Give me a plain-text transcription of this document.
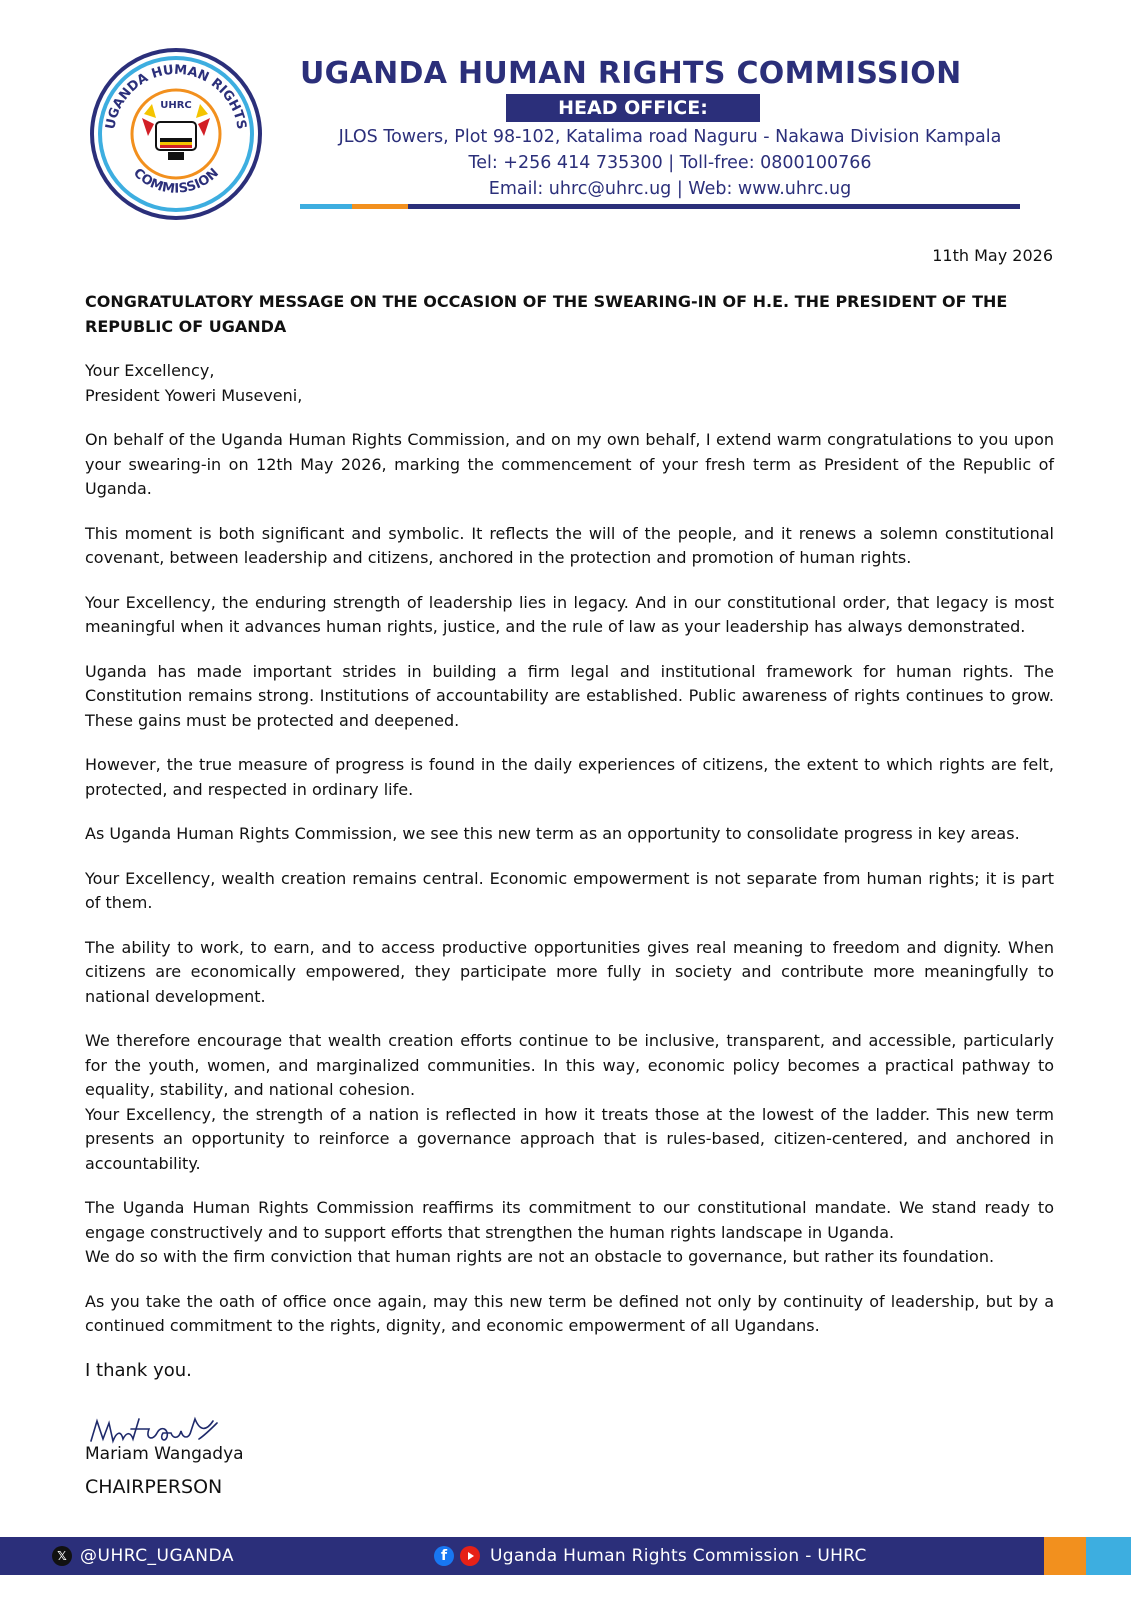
UGANDA HUMAN RIGHTS
COMMISSION
UHRC
UGANDA HUMAN RIGHTS COMMISSION
HEAD OFFICE:
JLOS Towers, Plot 98-102, Katalima road Naguru - Nakawa Division Kampala
Tel: +256 414 735300 | Toll-free: 0800100766
Email: uhrc@uhrc.ug | Web: www.uhrc.ug
11th May 2026
CONGRATULATORY MESSAGE ON THE OCCASION OF THE SWEARING-IN OF H.E. THE PRESIDENT OF THE REPUBLIC OF UGANDA
Your Excellency,
President Yoweri Museveni,

On behalf of the Uganda Human Rights Commission, and on my own behalf, I extend warm congratulations to you upon your swearing-in on 12th May 2026, marking the commencement of your fresh term as President of the Republic of Uganda.

This moment is both significant and symbolic. It reflects the will of the people, and it renews a solemn constitutional covenant, between leadership and citizens, anchored in the protection and promotion of human rights.

Your Excellency, the enduring strength of leadership lies in legacy. And in our constitutional order, that legacy is most meaningful when it advances human rights, justice, and the rule of law as your leadership has always demonstrated.

Uganda has made important strides in building a firm legal and institutional framework for human rights. The Constitution remains strong. Institutions of accountability are established. Public awareness of rights continues to grow. These gains must be protected and deepened.

However, the true measure of progress is found in the daily experiences of citizens, the extent to which rights are felt, protected, and respected in ordinary life.

As Uganda Human Rights Commission, we see this new term as an opportunity to consolidate progress in key areas.

Your Excellency, wealth creation remains central. Economic empowerment is not separate from human rights; it is part of them.

The ability to work, to earn, and to access productive opportunities gives real meaning to freedom and dignity. When citizens are economically empowered, they participate more fully in society and contribute more meaningfully to national development.

We therefore encourage that wealth creation efforts continue to be inclusive, transparent, and accessible, particularly for the youth, women, and marginalized communities. In this way, economic policy becomes a practical pathway to equality, stability, and national cohesion.

Your Excellency, the strength of a nation is reflected in how it treats those at the lowest of the ladder. This new term presents an opportunity to reinforce a governance approach that is rules-based, citizen-centered, and anchored in accountability.

The Uganda Human Rights Commission reaffirms its commitment to our constitutional mandate. We stand ready to engage constructively and to support efforts that strengthen the human rights landscape in Uganda.

We do so with the firm conviction that human rights are not an obstacle to governance, but rather its foundation.

As you take the oath of office once again, may this new term be defined not only by continuity of leadership, but by a continued commitment to the rights, dignity, and economic empowerment of all Ugandans.

I thank you.
Mariam Wangadya
CHAIRPERSON
𝕏 @UHRC_UGANDA	f	Uganda Human Rights Commission - UHRC
